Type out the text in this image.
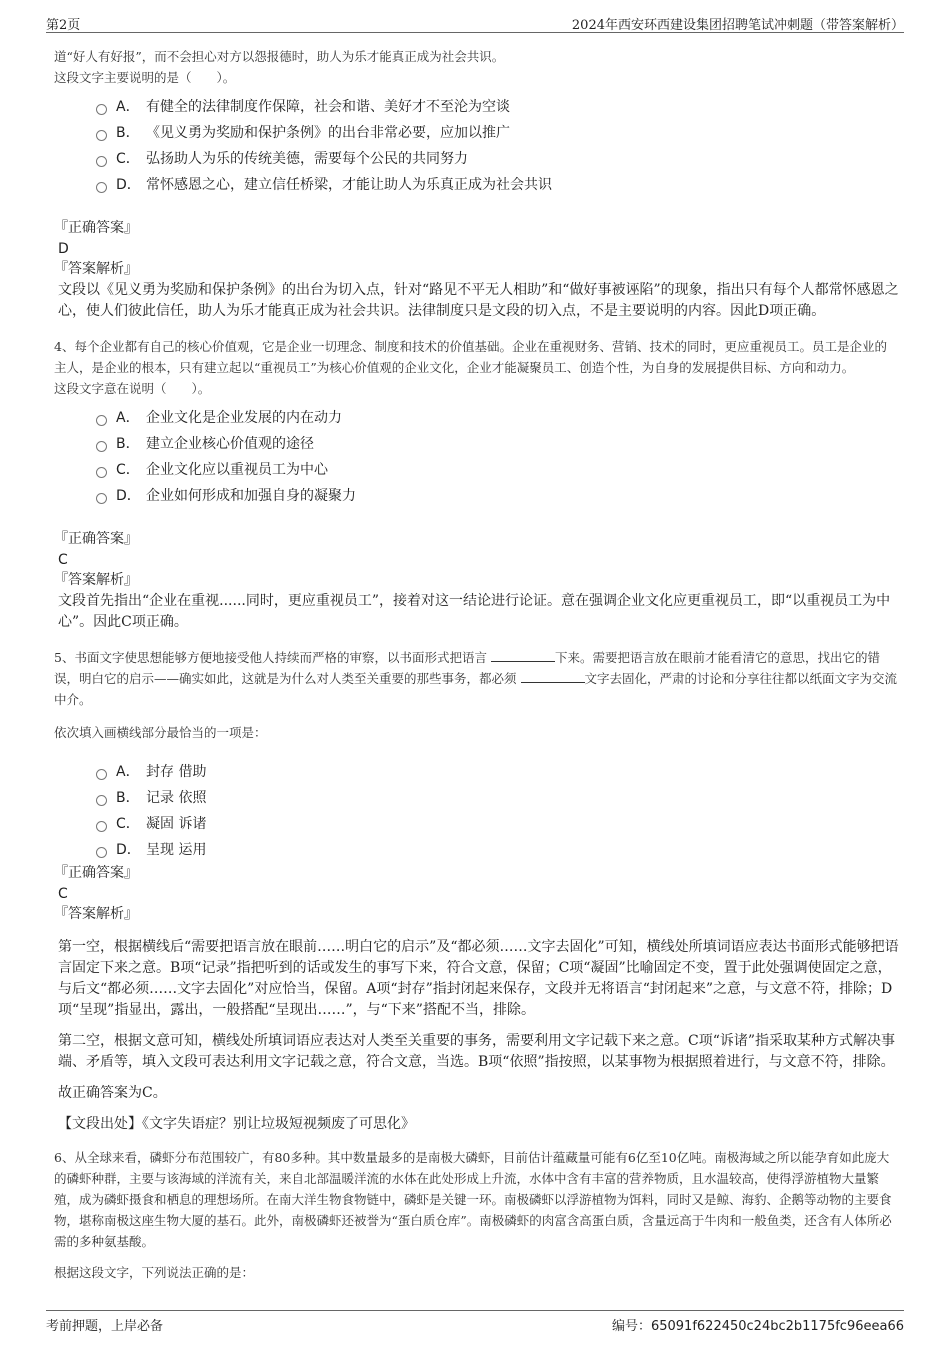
第2页	2024年西安环西建设集团招聘笔试冲刺题（带答案解析）

道“好人有好报”，而不会担心对方以怨报德时，助人为乐才能真正成为社会共识。

这段文字主要说明的是（　　）。

A． 有健全的法律制度作保障，社会和谐、美好才不至沦为空谈
B． 《见义勇为奖励和保护条例》的出台非常必要，应加以推广
C． 弘扬助人为乐的传统美德，需要每个公民的共同努力
D． 常怀感恩之心，建立信任桥梁，才能让助人为乐真正成为社会共识

『正确答案』

D

『答案解析』

文段以《见义勇为奖励和保护条例》的出台为切入点，针对“路见不平无人相助”和“做好事被诬陷”的现象，指出只有每个人都常怀感恩之心，使人们彼此信任，助人为乐才能真正成为社会共识。法律制度只是文段的切入点，不是主要说明的内容。因此D项正确。

4、每个企业都有自己的核心价值观，它是企业一切理念、制度和技术的价值基础。企业在重视财务、营销、技术的同时，更应重视员工。员工是企业的主人，是企业的根本，只有建立起以“重视员工”为核心价值观的企业文化，企业才能凝聚员工、创造个性，为自身的发展提供目标、方向和动力。

这段文字意在说明（　　）。

A． 企业文化是企业发展的内在动力
B． 建立企业核心价值观的途径
C． 企业文化应以重视员工为中心
D． 企业如何形成和加强自身的凝聚力

『正确答案』

C

『答案解析』

文段首先指出“企业在重视......同时，更应重视员工”，接着对这一结论进行论证。意在强调企业文化应更重视员工，即“以重视员工为中心”。因此C项正确。

5、书面文字使思想能够方便地接受他人持续而严格的审察，以书面形式把语言	下来。需要把语言放在眼前才能看清它的意思，找出它的错误，明白它的启示——确实如此，这就是为什么对人类至关重要的那些事务，都必须	文字去固化，严肃的讨论和分享往往都以纸面文字为交流中介。

依次填入画横线部分最恰当的一项是：

A． 封存 借助
B． 记录 依照
C． 凝固 诉诸
D． 呈现 运用

『正确答案』

C

『答案解析』

第一空，根据横线后“需要把语言放在眼前……明白它的启示”及“都必须……文字去固化”可知，横线处所填词语应表达书面形式能够把语言固定下来之意。B项“记录”指把听到的话或发生的事写下来，符合文意，保留；C项“凝固”比喻固定不变，置于此处强调使固定之意，与后文“都必须……文字去固化”对应恰当，保留。A项“封存”指封闭起来保存，文段并无将语言“封闭起来”之意，与文意不符，排除；D项“呈现”指显出，露出，一般搭配“呈现出……”，与“下来”搭配不当，排除。

第二空，根据文意可知，横线处所填词语应表达对人类至关重要的事务，需要利用文字记载下来之意。C项“诉诸”指采取某种方式解决事端、矛盾等，填入文段可表达利用文字记载之意，符合文意，当选。B项“依照”指按照，以某事物为根据照着进行，与文意不符，排除。

故正确答案为C。

【文段出处】《文字失语症？别让垃圾短视频废了可思化》

6、从全球来看，磷虾分布范围较广，有80多种。其中数量最多的是南极大磷虾，目前估计蕴藏量可能有6亿至10亿吨。南极海域之所以能孕育如此庞大的磷虾种群，主要与该海域的洋流有关，来自北部温暖洋流的水体在此处形成上升流，水体中含有丰富的营养物质，且水温较高，使得浮游植物大量繁殖，成为磷虾摄食和栖息的理想场所。在南大洋生物食物链中，磷虾是关键一环。南极磷虾以浮游植物为饵料，同时又是鲸、海豹、企鹅等动物的主要食物，堪称南极这座生物大厦的基石。此外，南极磷虾还被誉为“蛋白质仓库”。南极磷虾的肉富含高蛋白质，含量远高于牛肉和一般鱼类，还含有人体所必需的多种氨基酸。

根据这段文字，下列说法正确的是：

考前押题，上岸必备	编号：65091f622450c24bc2b1175fc96eea66
